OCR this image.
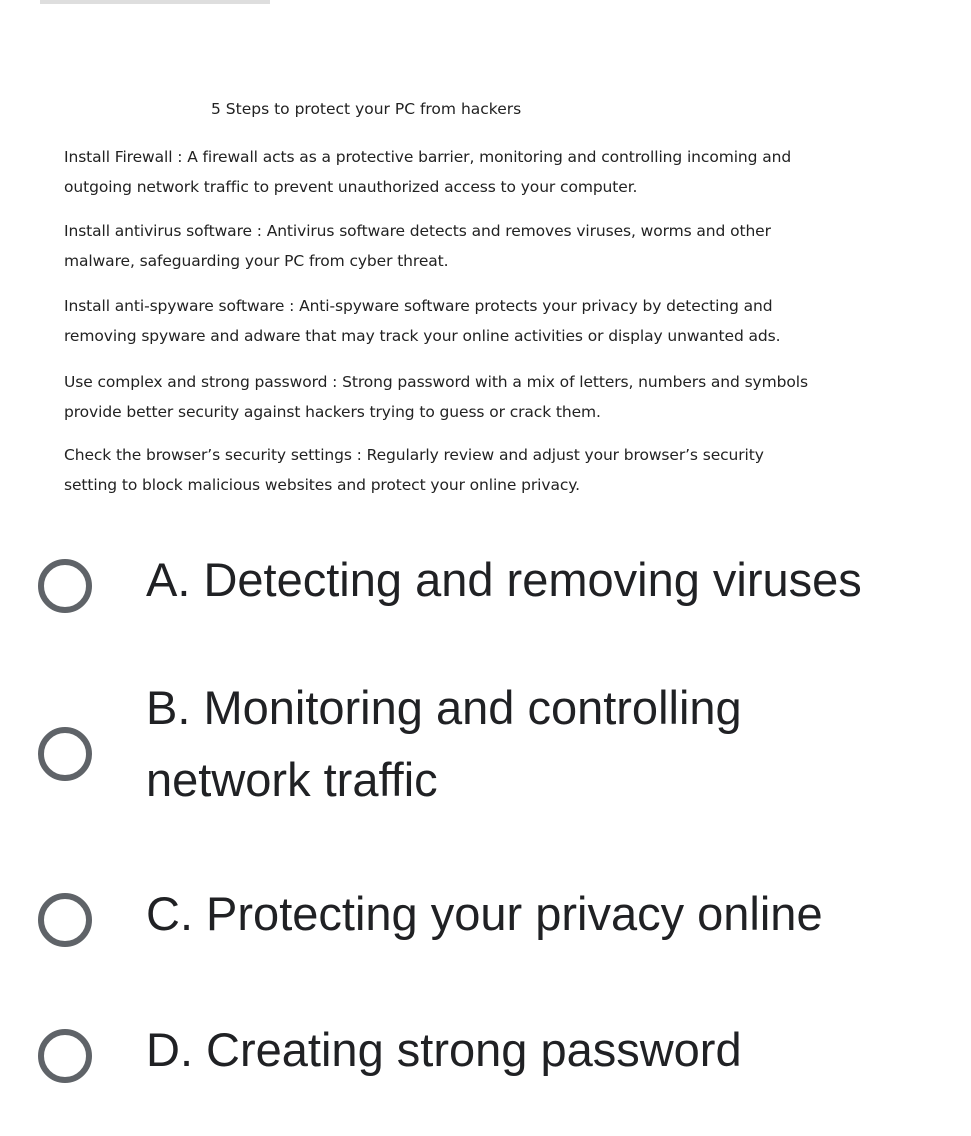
5 Steps to protect your PC from hackers
Install Firewall : A firewall acts as a protective barrier, monitoring and controlling incoming and
outgoing network traffic to prevent unauthorized access to your computer.
Install antivirus software : Antivirus software detects and removes viruses, worms and other
malware, safeguarding your PC from cyber threat.
Install anti-spyware software : Anti-spyware software protects your privacy by detecting and
removing spyware and adware that may track your online activities or display unwanted ads.
Use complex and strong password : Strong password with a mix of letters, numbers and symbols
provide better security against hackers trying to guess or crack them.
Check the browser’s security settings : Regularly review and adjust your browser’s security
setting to block malicious websites and protect your online privacy.
A. Detecting and removing viruses
B. Monitoring and controlling
network traffic
C. Protecting your privacy online
D. Creating strong password
